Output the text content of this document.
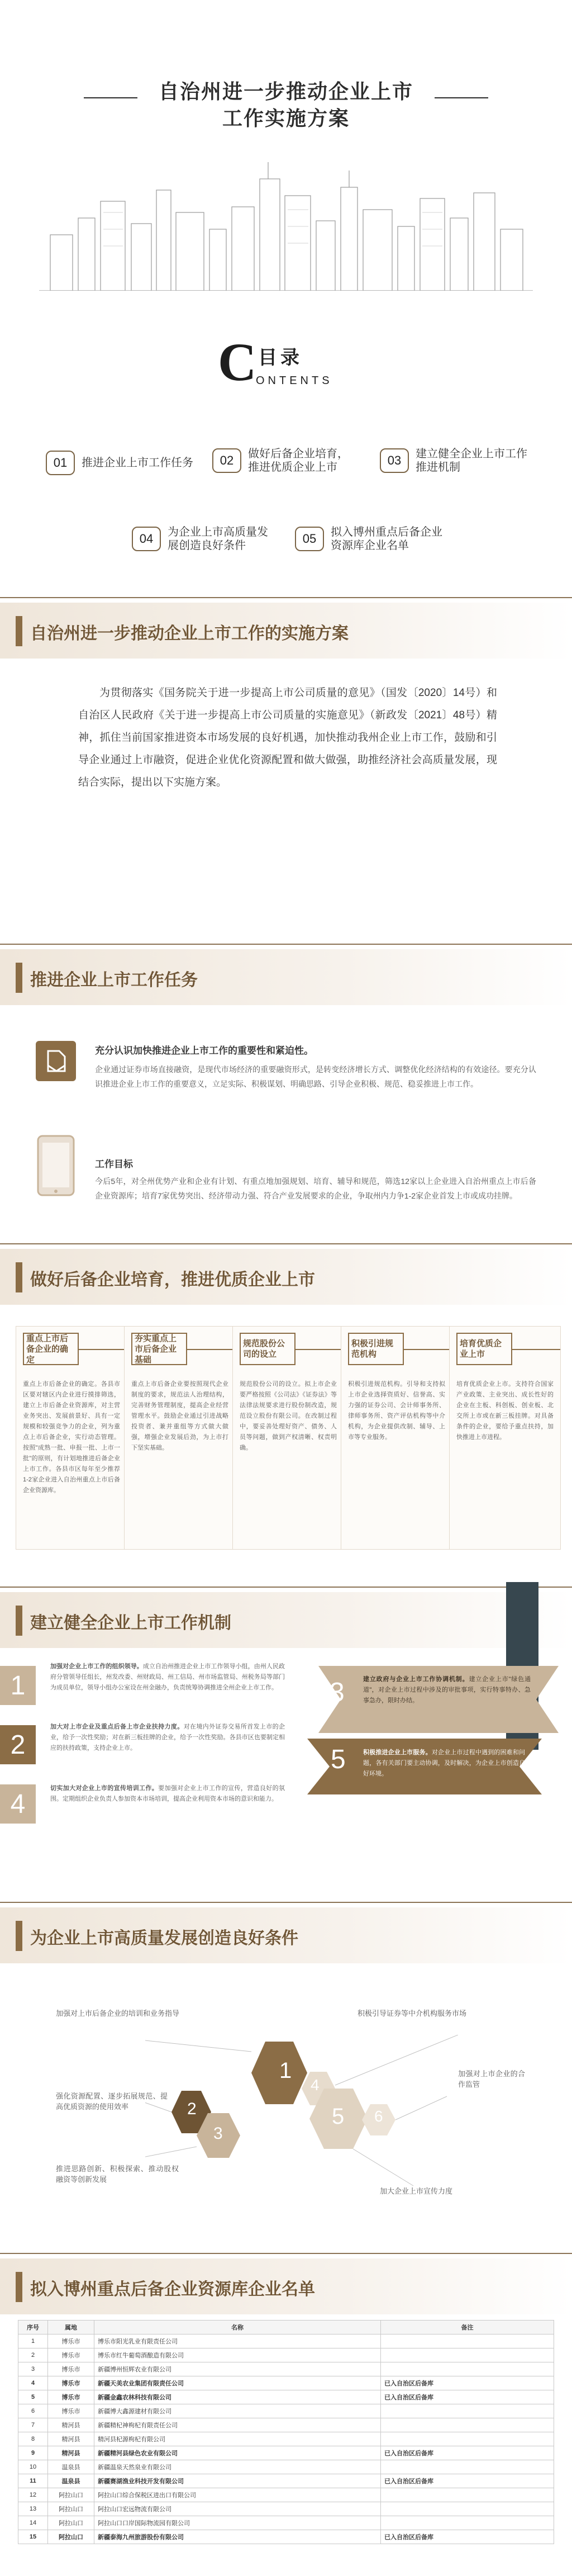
自治州进一步推动企业上市
工作实施方案
C 目录
ONTENTS
01	推进企业上市工作任务	02	做好后备企业培育，推进优质企业上市	03	建立健全企业上市工作推进机制
04	为企业上市高质量发展创造良好条件	05	拟入博州重点后备企业资源库企业名单
自治州进一步推动企业上市工作的实施方案
为贯彻落实《国务院关于进一步提高上市公司质量的意见》（国发〔2020〕14号）和自治区人民政府《关于进一步提高上市公司质量的实施意见》（新政发〔2021〕48号）精神，抓住当前国家推进资本市场发展的良好机遇，加快推动我州企业上市工作，鼓励和引导企业通过上市融资，促进企业优化资源配置和做大做强，助推经济社会高质量发展，现结合实际，提出以下实施方案。
推进企业上市工作任务
充分认识加快推进企业上市工作的重要性和紧迫性。
企业通过证券市场直接融资，是现代市场经济的重要融资形式，是转变经济增长方式、调整优化经济结构的有效途径。要充分认识推进企业上市工作的重要意义，立足实际、积极谋划、明确思路、引导企业积极、规范、稳妥推进上市工作。
工作目标
今后5年，对全州优势产业和企业有计划、有重点地加强规划、培育、辅导和规范，筛选12家以上企业进入自治州重点上市后备企业资源库；培育7家优势突出、经济带动力强、符合产业发展要求的企业，争取州内力争1-2家企业首发上市或成功挂牌。
做好后备企业培育，推进优质企业上市
重点上市后备企业的确定
重点上市后备企业的确定。各县市区要对辖区内企业进行摸排筛选，建立上市后备企业资源库，对主营业务突出、发展前景好、具有一定规模和较强竞争力的企业，列为重点上市后备企业，实行动态管理。按照"成熟一批、申报一批、上市一批"的原则，有计划地推进后备企业上市工作。各县市区每年至少推荐1-2家企业进入自治州重点上市后备企业资源库。
夯实重点上市后备企业基础
重点上市后备企业要按照现代企业制度的要求，规范法人治理结构，完善财务管理制度，提高企业经营管理水平。鼓励企业通过引进战略投资者、兼并重组等方式做大做强，增强企业发展后劲，为上市打下坚实基础。
规范股份公司的设立
规范股份公司的设立。拟上市企业要严格按照《公司法》《证券法》等法律法规要求进行股份制改造，规范设立股份有限公司。在改制过程中，要妥善处理好资产、债务、人员等问题，做到产权清晰、权责明确。
积极引进规范机构
积极引进规范机构。引导和支持拟上市企业选择资质好、信誉高、实力强的证券公司、会计师事务所、律师事务所、资产评估机构等中介机构，为企业提供改制、辅导、上市等专业服务。
培育优质企业上市
培育优质企业上市。支持符合国家产业政策、主业突出、成长性好的企业在主板、科创板、创业板、北交所上市或在新三板挂牌。对具备条件的企业，要给予重点扶持，加快推进上市进程。
建立健全企业上市工作机制
1
加强对企业上市工作的组织领导。成立自治州推进企业上市工作领导小组，由州人民政府分管领导任组长，州发改委、州财政局、州工信局、州市场监管局、州税务局等部门为成员单位，领导小组办公室设在州金融办，负责统筹协调推进全州企业上市工作。
2
加大对上市企业及重点后备上市企业扶持力度。对在境内外证券交易所首发上市的企业，给予一次性奖励；对在新三板挂牌的企业，给予一次性奖励。各县市区也要制定相应的扶持政策，支持企业上市。
4
切实加大对企业上市的宣传培训工作。要加强对企业上市工作的宣传，营造良好的氛围。定期组织企业负责人参加资本市场培训，提高企业利用资本市场的意识和能力。
3	建立政府与企业上市工作协调机制。建立企业上市"绿色通道"，对企业上市过程中涉及的审批事项，实行特事特办、急事急办，限时办结。
5	积极推进企业上市服务。对企业上市过程中遇到的困难和问题，各有关部门要主动协调，及时解决，为企业上市创造良好环境。
为企业上市高质量发展创造良好条件
1
2
3
4
5 6
加强对上市后备企业的培训和业务指导
强化资源配置、逐步拓展规范、提高优质资源的使用效率
推进思路创新、积极探索、推动股权融资等创新发展
积极引导证券等中介机构服务市场
加强对上市企业的合作监管
加大企业上市宣传力度
拟入博州重点后备企业资源库企业名单
序号	属地	名称	备注
1	博乐市	博乐市阳光乳业有限责任公司	
2	博乐市	博乐市红牛葡萄酒酿造有限公司	
3	博乐市	新疆博州恒辉农业有限公司	
4	博乐市	新疆天美农业集团有限责任公司	已入自治区后备库
5	博乐市	新疆金鑫农林科技有限公司	已入自治区后备库
6	博乐市	新疆博大鑫源建材有限公司	
7	精河县	新疆精杞神枸杞有限责任公司	
8	精河县	精河县杞源枸杞有限公司	
9	精河县	新疆精河县绿色农业有限公司	已入自治区后备库
10	温泉县	新疆温泉天然泉业有限公司	
11	温泉县	新疆赛湖渔业科技开发有限公司	已入自治区后备库
12	阿拉山口	阿拉山口综合保税区进出口有限公司	
13	阿拉山口	阿拉山口宏远物流有限公司	
14	阿拉山口	阿拉山口口岸国际物流园有限公司	
15	阿拉山口	新疆泰海九州旅游股份有限公司	已入自治区后备库
